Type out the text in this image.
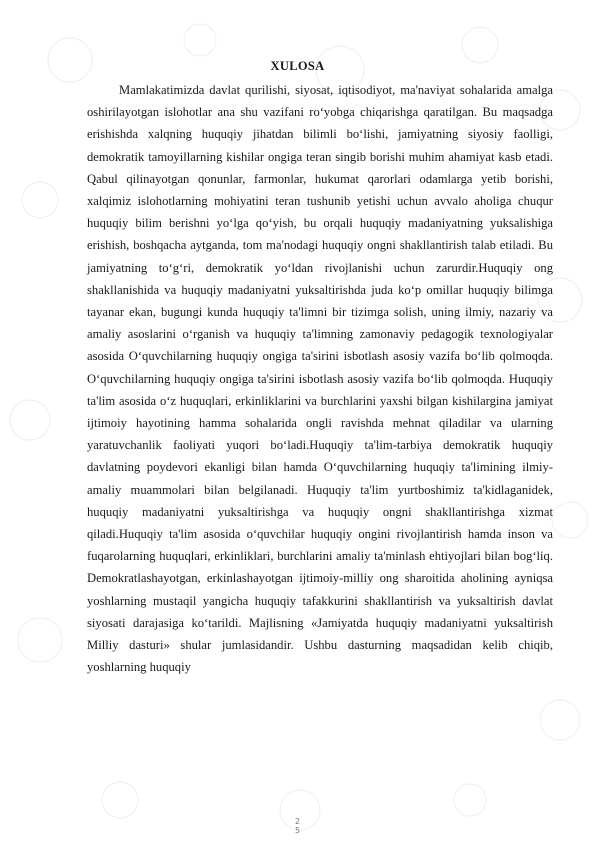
XULOSA

Mamlakatimizda davlat qurilishi, siyosat, iqtisodiyot, ma'naviyat sohalarida amalga oshirilayotgan islohotlar ana shu vazifani ro‘yobga chiqarishga qaratilgan. Bu maqsadga erishishda xalqning huquqiy jihatdan bilimli bo‘lishi, jamiyatning siyosiy faolligi, demokratik tamoyillarning kishilar ongiga teran singib borishi muhim ahamiyat kasb etadi. Qabul qilinayotgan qonunlar, farmonlar, hukumat qarorlari odamlarga yetib borishi, xalqimiz islohotlarning mohiyatini teran tushunib yetishi uchun avvalo aholiga chuqur huquqiy bilim berishni yo‘lga qo‘yish, bu orqali huquqiy madaniyatning yuksalishiga erishish, boshqacha aytganda, tom ma'nodagi huquqiy ongni shakllantirish talab etiladi. Bu jamiyatning to‘g‘ri, demokratik yo‘ldan rivojlanishi uchun zarurdir.Huquqiy ong shakllanishida va huquqiy madaniyatni yuksaltirishda juda ko‘p omillar huquqiy bilimga tayanar ekan, bugungi kunda huquqiy ta'limni bir tizimga solish, uning ilmiy, nazariy va amaliy asoslarini o‘rganish va huquqiy ta'limning zamonaviy pedagogik texnologiyalar asosida O‘quvchilarning huquqiy ongiga ta'sirini isbotlash asosiy vazifa bo‘lib qolmoqda. O‘quvchilarning huquqiy ongiga ta'sirini isbotlash asosiy vazifa bo‘lib qolmoqda. Huquqiy ta'lim asosida o‘z huquqlari, erkinliklarini va burchlarini yaxshi bilgan kishilargina jamiyat ijtimoiy hayotining hamma sohalarida ongli ravishda mehnat qiladilar va ularning yaratuvchanlik faoliyati yuqori bo‘ladi.Huquqiy ta'lim-tarbiya demokratik huquqiy davlatning poydevori ekanligi bilan hamda O‘quvchilarning huquqiy ta'limining ilmiy-amaliy muammolari bilan belgilanadi. Huquqiy ta'lim yurtboshimiz ta'kidlaganidek, huquqiy madaniyatni yuksaltirishga va huquqiy ongni shakllantirishga xizmat qiladi.Huquqiy ta'lim asosida o‘quvchilar huquqiy ongini rivojlantirish hamda inson va fuqarolarning huquqlari, erkinliklari, burchlarini amaliy ta'minlash ehtiyojlari bilan bog‘liq. Demokratlashayotgan, erkinlashayotgan ijtimoiy-milliy ong sharoitida aholining ayniqsa yoshlarning mustaqil yangicha huquqiy tafakkurini shakllantirish va yuksaltirish davlat siyosati darajasiga ko‘tarildi. Majlisning «Jamiyatda huquqiy madaniyatni yuksaltirish Milliy dasturi» shular jumlasidandir. Ushbu dasturning maqsadidan kelib chiqib, yoshlarning huquqiy

2
5
